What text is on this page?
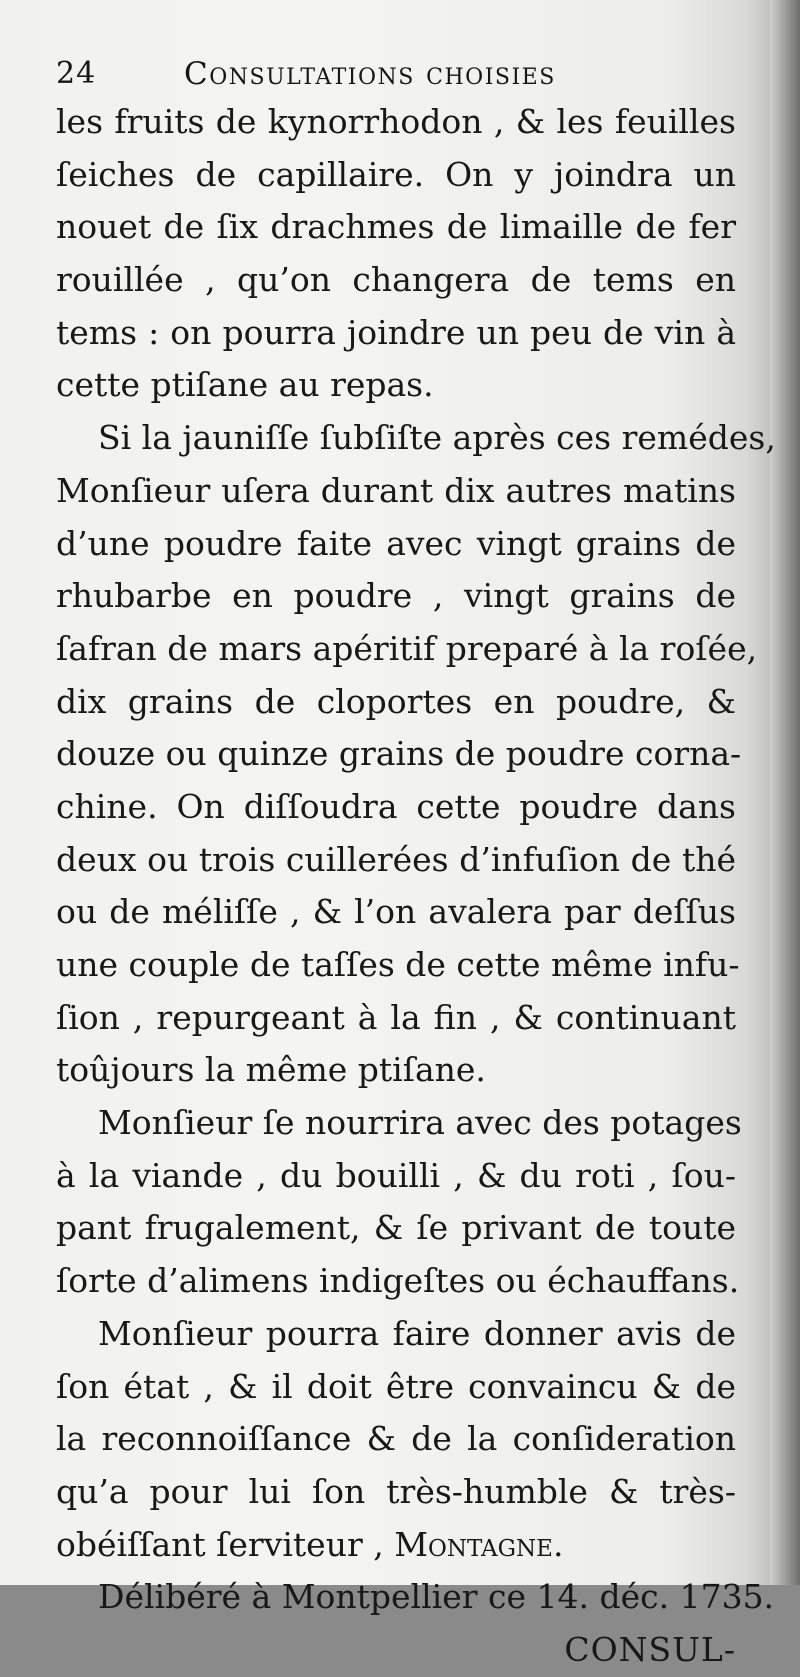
24	Consultations choisies
les fruits de kynorrhodon , & les feuilles
ſeiches de capillaire. On y joindra un
nouet de ſix drachmes de limaille de fer
rouillée , qu’on changera de tems en
tems : on pourra joindre un peu de vin à
cette ptiſane au repas.
Si la jauniſſe ſubſiſte après ces remédes,
Monſieur uſera durant dix autres matins
d’une poudre faite avec vingt grains de
rhubarbe en poudre , vingt grains de
ſafran de mars apéritif preparé à la roſée,
dix grains de cloportes en poudre, &
douze ou quinze grains de poudre corna-
chine. On diſſoudra cette poudre dans
deux ou trois cuillerées d’infuſion de thé
ou de méliſſe , & l’on avalera par deſſus
une couple de taſſes de cette même infu-
ſion , repurgeant à la fin , & continuant
toûjours la même ptiſane.
Monſieur ſe nourrira avec des potages
à la viande , du bouilli , & du roti , ſou-
pant frugalement, & ſe privant de toute
ſorte d’alimens indigeſtes ou échauffans.
Monſieur pourra faire donner avis de
ſon état , & il doit être convaincu & de
la reconnoiſſance & de la conſideration
qu’a pour lui ſon très-humble & très-
obéiſſant ſerviteur , Montagne.
Délibéré à Montpellier ce 14. déc. 1735.
CONSUL-
